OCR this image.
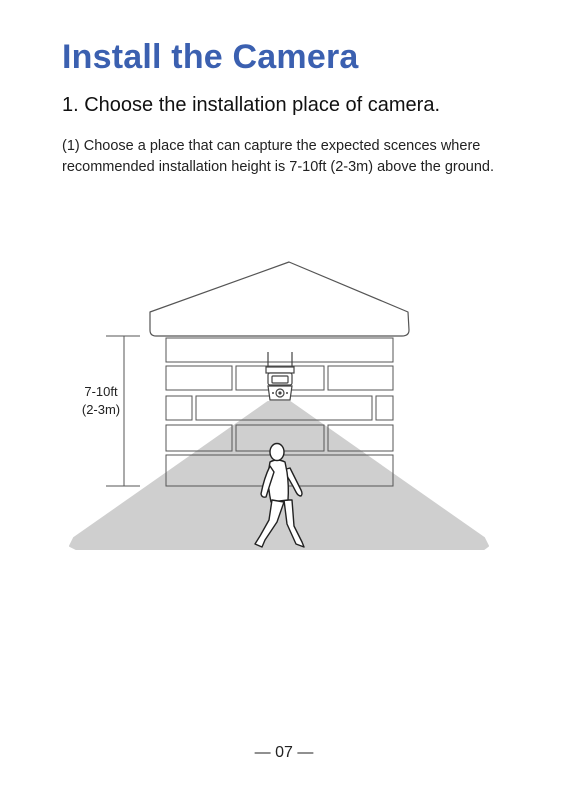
Install the Camera
1. Choose the installation place of camera.

(1) Choose a place that can capture the expected scences where recommended installation height is 7-10ft (2-3m) above the ground.

7-10ft
(2-3m)
— 07 —
